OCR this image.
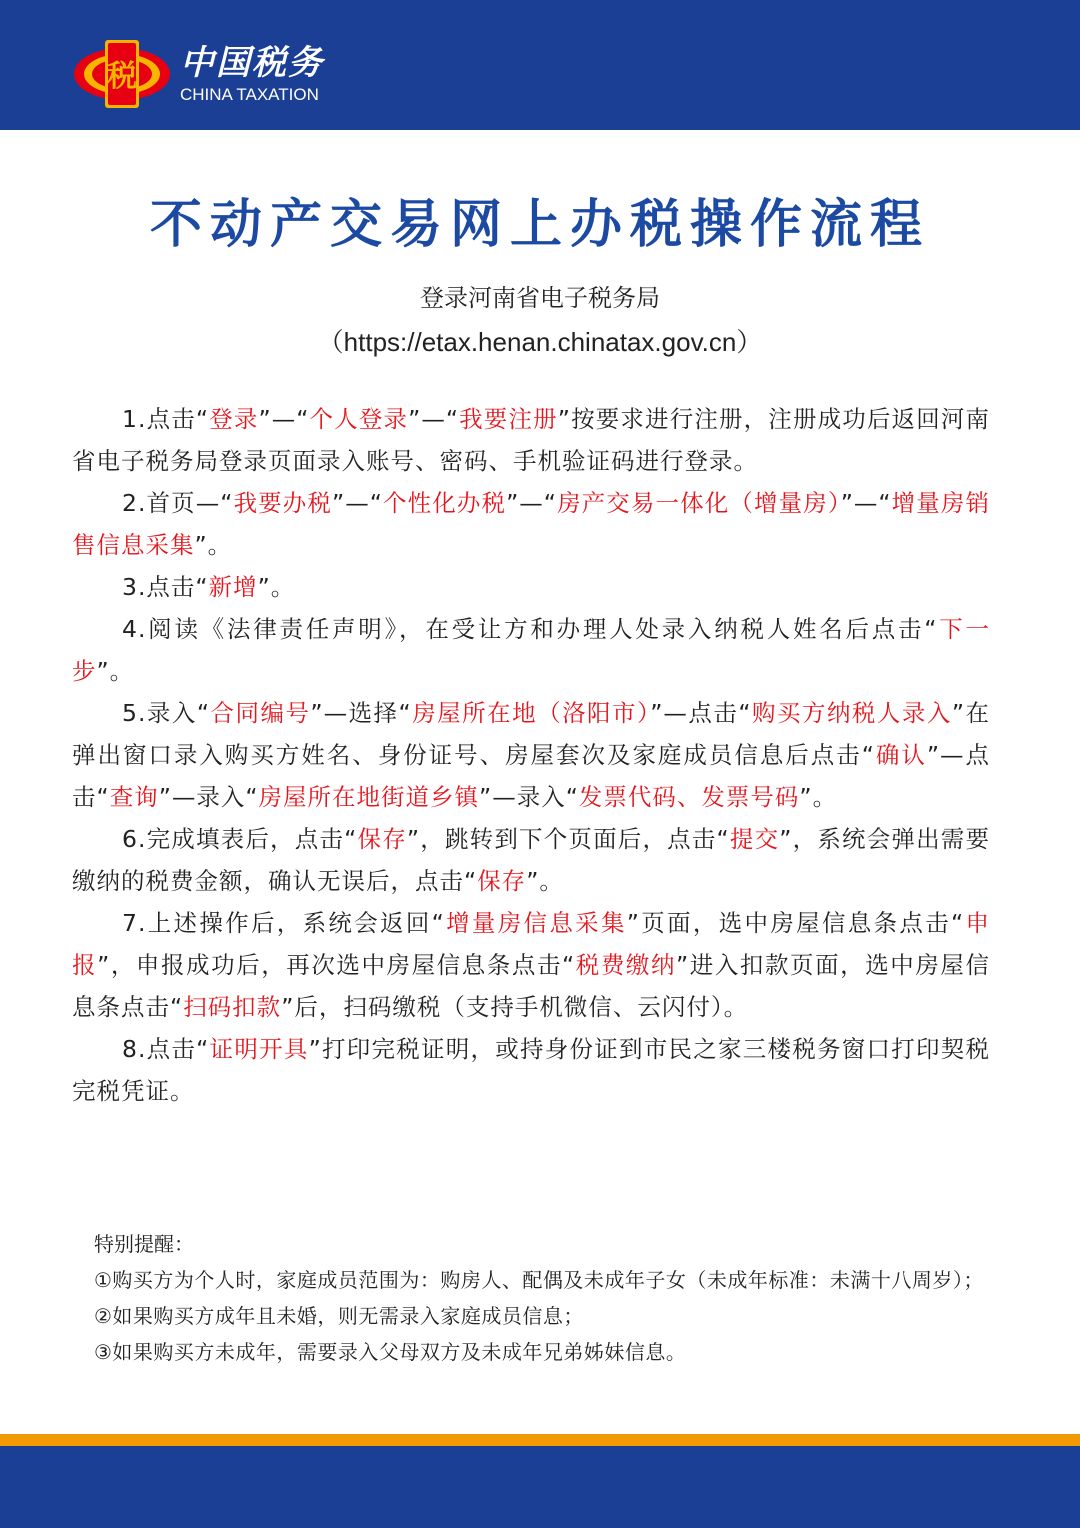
税 中国税务
CHINA TAXATION
不动产交易网上办税操作流程
登录河南省电子税务局
（https://etax.henan.chinatax.gov.cn）

1.点击“登录”—“个人登录”—“我要注册”按要求进行注册，注册成功后返回河南省电子税务局登录页面录入账号、密码、手机验证码进行登录。

2.首页—“我要办税”—“个性化办税”—“房产交易一体化（增量房）”—“增量房销售信息采集”。

3.点击“新增”。

4.阅读《法律责任声明》，在受让方和办理人处录入纳税人姓名后点击“下一步”。

5.录入“合同编号”—选择“房屋所在地（洛阳市）”—点击“购买方纳税人录入”在弹出窗口录入购买方姓名、身份证号、房屋套次及家庭成员信息后点击“确认”—点击“查询”—录入“房屋所在地街道乡镇”—录入“发票代码、发票号码”。

6.完成填表后，点击“保存”，跳转到下个页面后，点击“提交”，系统会弹出需要缴纳的税费金额，确认无误后，点击“保存”。

7.上述操作后，系统会返回“增量房信息采集”页面，选中房屋信息条点击“申报”，申报成功后，再次选中房屋信息条点击“税费缴纳”进入扣款页面，选中房屋信息条点击“扫码扣款”后，扫码缴税（支持手机微信、云闪付）。

8.点击“证明开具”打印完税证明，或持身份证到市民之家三楼税务窗口打印契税完税凭证。

特别提醒：

①购买方为个人时，家庭成员范围为：购房人、配偶及未成年子女（未成年标准：未满十八周岁）；

②如果购买方成年且未婚，则无需录入家庭成员信息；

③如果购买方未成年，需要录入父母双方及未成年兄弟姊妹信息。
